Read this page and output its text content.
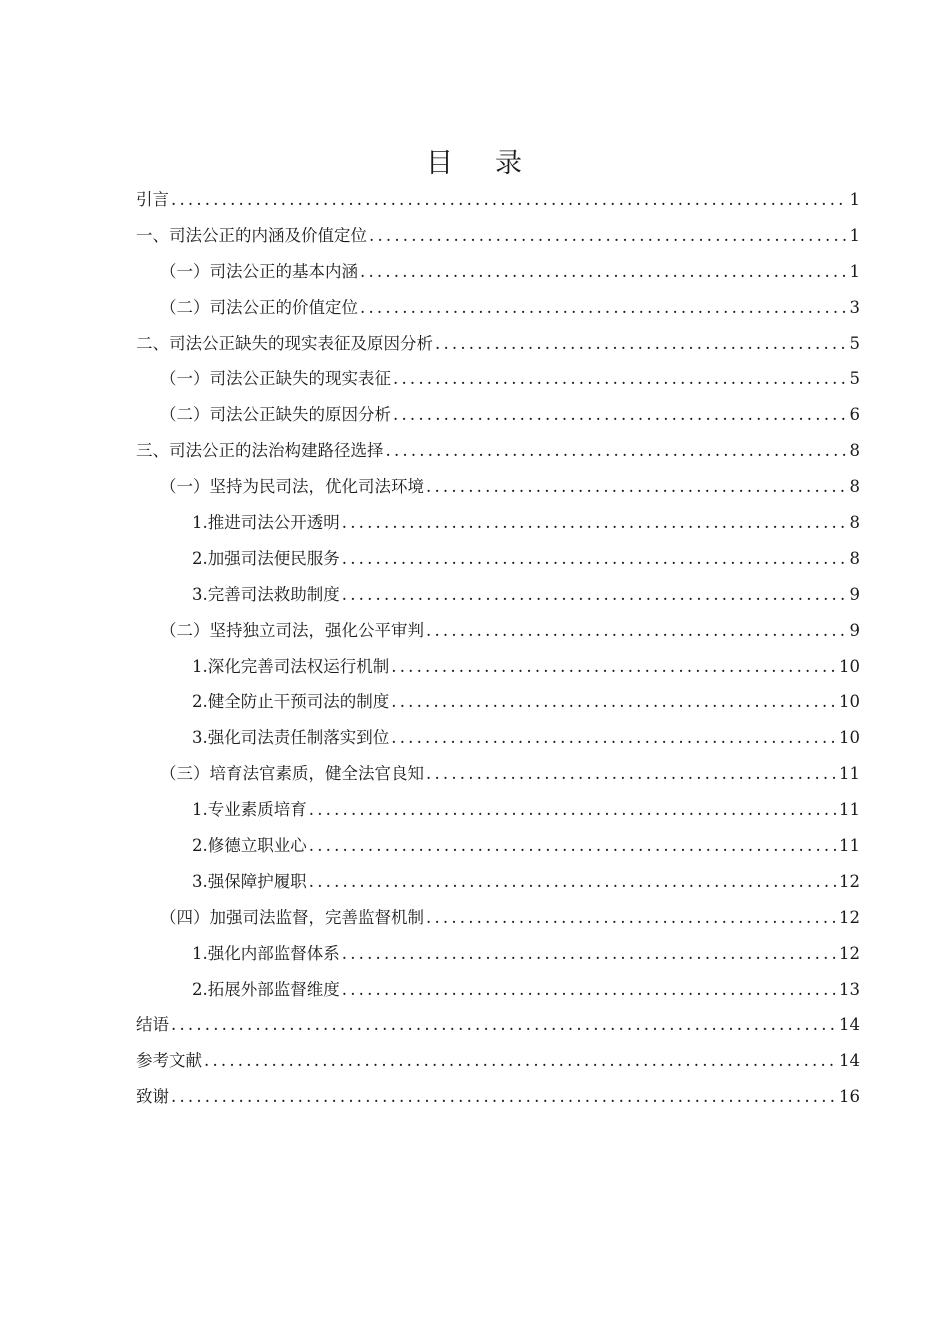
目 录
引言 .....	1
一、司法公正的内涵及价值定位 .....	1
（一）司法公正的基本内涵 .....	1
（二）司法公正的价值定位 .....	3
二、司法公正缺失的现实表征及原因分析 .....	5
（一）司法公正缺失的现实表征 .....	5
（二）司法公正缺失的原因分析 .....	6
三、司法公正的法治构建路径选择 .....	8
（一）坚持为民司法，优化司法环境 .....	8
1.推进司法公开透明 .....	8
2.加强司法便民服务 .....	8
3.完善司法救助制度 .....	9
（二）坚持独立司法，强化公平审判 .....	9
1.深化完善司法权运行机制 .....	10
2.健全防止干预司法的制度 .....	10
3.强化司法责任制落实到位 .....	10
（三）培育法官素质，健全法官良知 .....	11
1.专业素质培育 .....	11
2.修德立职业心 .....	11
3.强保障护履职 .....	12
（四）加强司法监督，完善监督机制 .....	12
1.强化内部监督体系 .....	12
2.拓展外部监督维度 .....	13
结语 .....	14
参考文献 .....	14
致谢 .....	16
